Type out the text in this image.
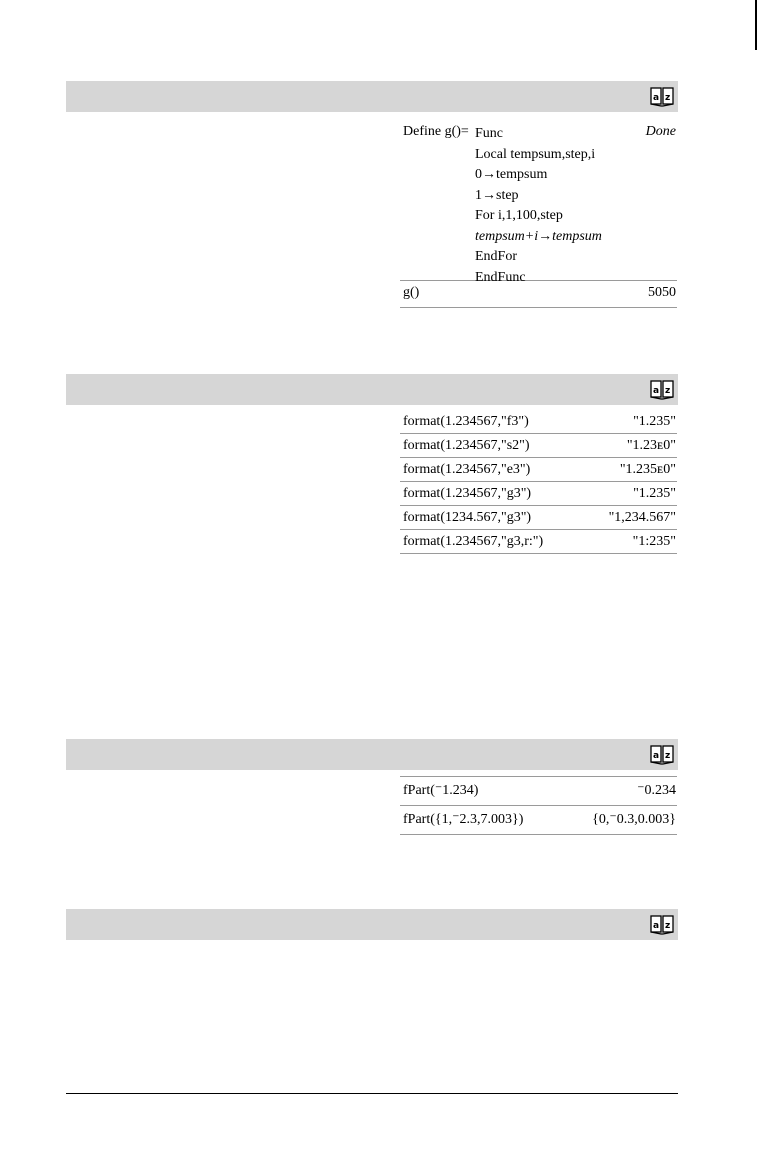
a z
Define g()=	Done
Func
Local tempsum,step,i
0→tempsum
1→step
For i,1,100,step
tempsum+i→tempsum
EndFor
EndFunc
g()	5050
a z
format(1.234567,"f3")	"1.235"
format(1.234567,"s2")	"1.23ᴇ0"
format(1.234567,"e3")	"1.235ᴇ0"
format(1.234567,"g3")	"1.235"
format(1234.567,"g3")	"1,234.567"
format(1.234567,"g3,r:")	"1:235"
a z
fPart(⁻1.234)	⁻0.234
fPart({1,⁻2.3,7.003})	{0,⁻0.3,0.003}
a z
